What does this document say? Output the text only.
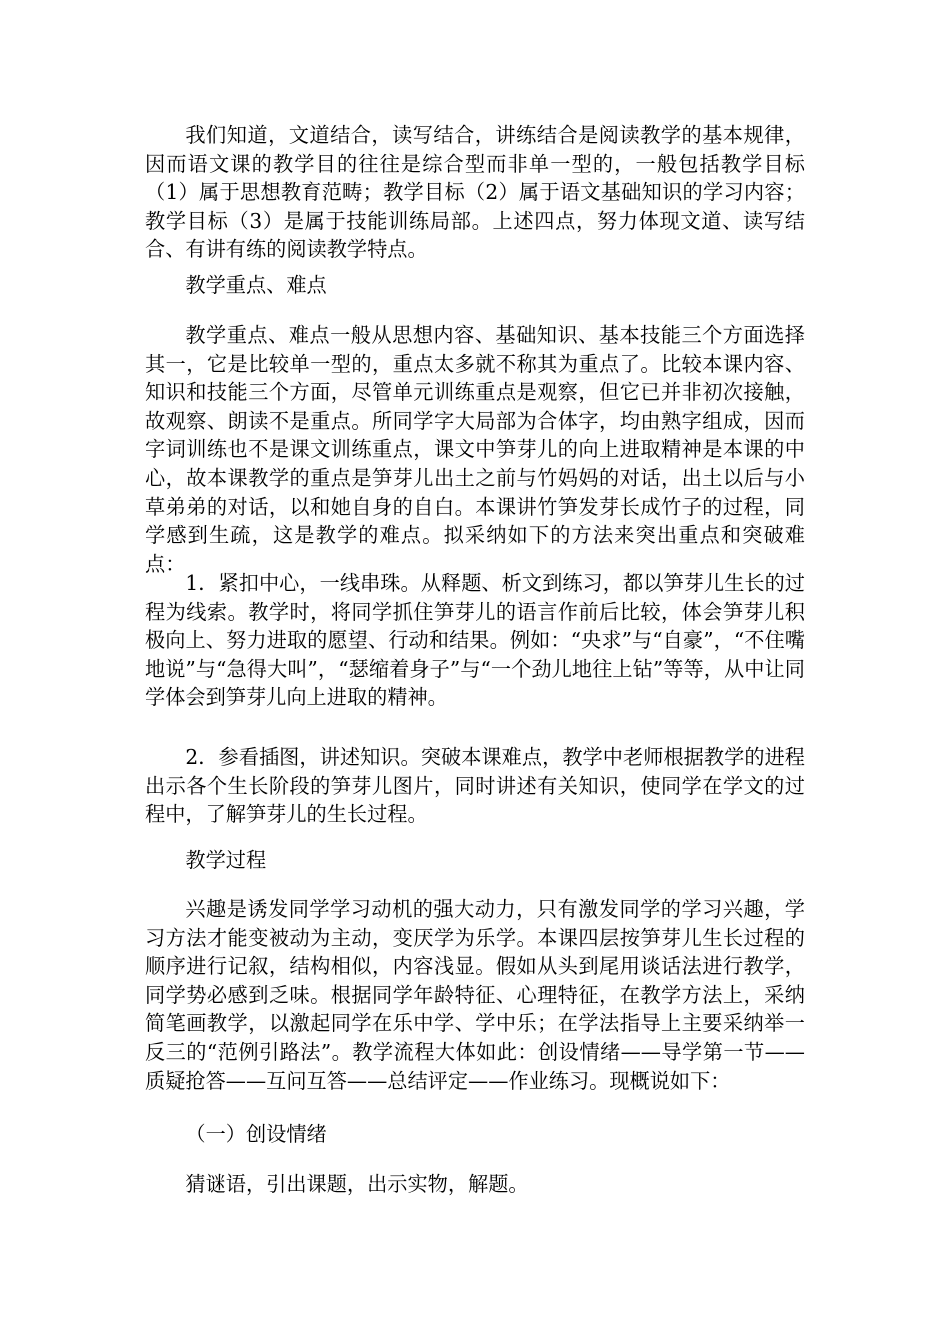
我们知道，文道结合，读写结合，讲练结合是阅读教学的基本规律，因而语文课的教学目的往往是综合型而非单一型的，一般包括教学目标（1）属于思想教育范畴；教学目标（2）属于语文基础知识的学习内容；教学目标（3）是属于技能训练局部。上述四点，努力体现文道、读写结合、有讲有练的阅读教学特点。

教学重点、难点

教学重点、难点一般从思想内容、基础知识、基本技能三个方面选择其一，它是比较单一型的，重点太多就不称其为重点了。比较本课内容、知识和技能三个方面，尽管单元训练重点是观察，但它已并非初次接触，故观察、朗读不是重点。所同学字大局部为合体字，均由熟字组成，因而字词训练也不是课文训练重点，课文中笋芽儿的向上进取精神是本课的中心，故本课教学的重点是笋芽儿出土之前与竹妈妈的对话，出土以后与小草弟弟的对话，以和她自身的自白。本课讲竹笋发芽长成竹子的过程，同学感到生疏，这是教学的难点。拟采纳如下的方法来突出重点和突破难点：

1．紧扣中心，一线串珠。从释题、析文到练习，都以笋芽儿生长的过程为线索。教学时，将同学抓住笋芽儿的语言作前后比较，体会笋芽儿积极向上、努力进取的愿望、行动和结果。例如：“央求”与“自豪”，“不住嘴地说”与“急得大叫”，“瑟缩着身子”与“一个劲儿地往上钻”等等，从中让同学体会到笋芽儿向上进取的精神。

2．参看插图，讲述知识。突破本课难点，教学中老师根据教学的进程出示各个生长阶段的笋芽儿图片，同时讲述有关知识，使同学在学文的过程中，了解笋芽儿的生长过程。

教学过程

兴趣是诱发同学学习动机的强大动力，只有激发同学的学习兴趣，学习方法才能变被动为主动，变厌学为乐学。本课四层按笋芽儿生长过程的顺序进行记叙，结构相似，内容浅显。假如从头到尾用谈话法进行教学，同学势必感到乏味。根据同学年龄特征、心理特征，在教学方法上，采纳简笔画教学，以激起同学在乐中学、学中乐；在学法指导上主要采纳举一反三的“范例引路法”。教学流程大体如此：创设情绪——导学第一节——质疑抢答——互问互答——总结评定——作业练习。现概说如下：

（一）创设情绪

猜谜语，引出课题，出示实物，解题。
